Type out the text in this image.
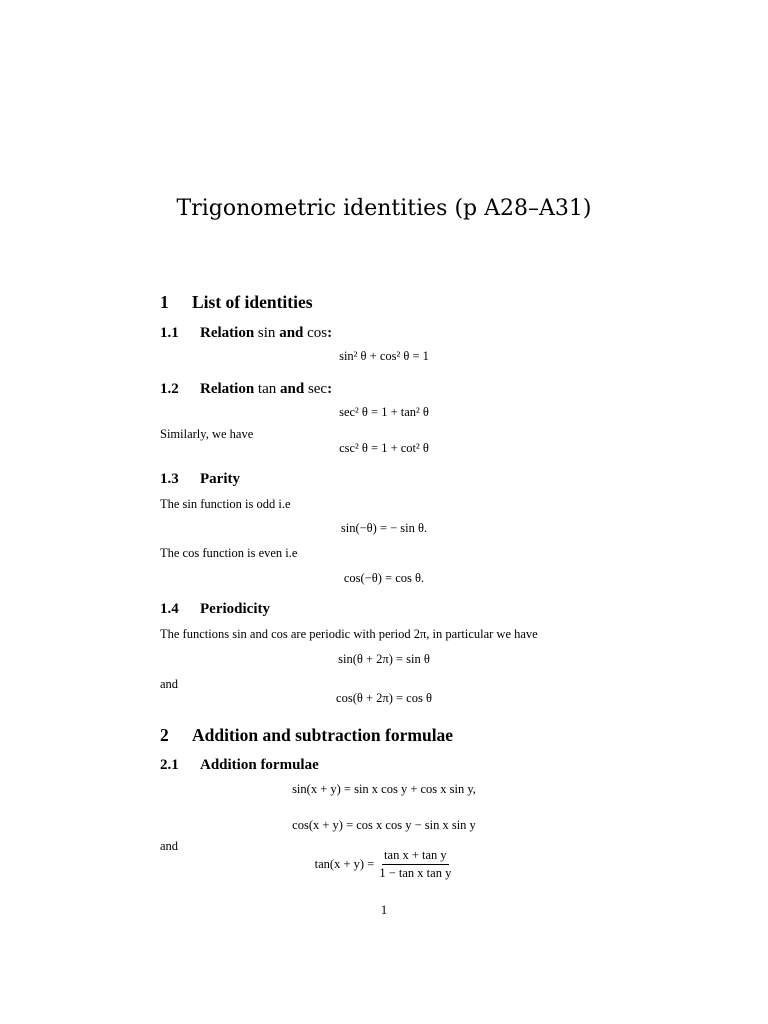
Trigonometric identities (p A28–A31)
1 List of identities
1.1 Relation sin and cos:
sin² θ + cos² θ = 1
1.2 Relation tan and sec:
sec² θ = 1 + tan² θ
Similarly, we have
csc² θ = 1 + cot² θ
1.3 Parity
The sin function is odd i.e
sin(−θ) = − sin θ.
The cos function is even i.e
cos(−θ) = cos θ.
1.4 Periodicity
The functions sin and cos are periodic with period 2π, in particular we have
sin(θ + 2π) = sin θ
and
cos(θ + 2π) = cos θ
2 Addition and subtraction formulae
2.1 Addition formulae
sin(x + y) = sin x cos y + cos x sin y,
cos(x + y) = cos x cos y − sin x sin y
and
$\tan(x + y) = \frac{\text{tan x + tan y}}{\text{1 − tan x tan y}}$
1
